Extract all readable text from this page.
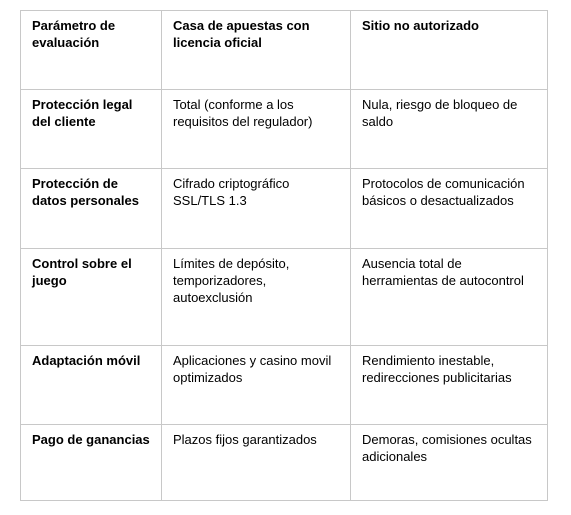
Parámetro de evaluación	Casa de apuestas con licencia oficial	Sitio no autorizado
Protección legal del cliente	Total (conforme a los requisitos del regulador)	Nula, riesgo de bloqueo de saldo
Protección de datos personales	Cifrado criptográfico SSL/TLS 1.3	Protocolos de comunicación básicos o desactualizados
Control sobre el juego	Límites de depósito, temporizadores, autoexclusión	Ausencia total de herramientas de autocontrol
Adaptación móvil	Aplicaciones y casino movil optimizados	Rendimiento inestable, redirecciones publicitarias
Pago de ganancias	Plazos fijos garantizados	Demoras, comisiones ocultas adicionales
